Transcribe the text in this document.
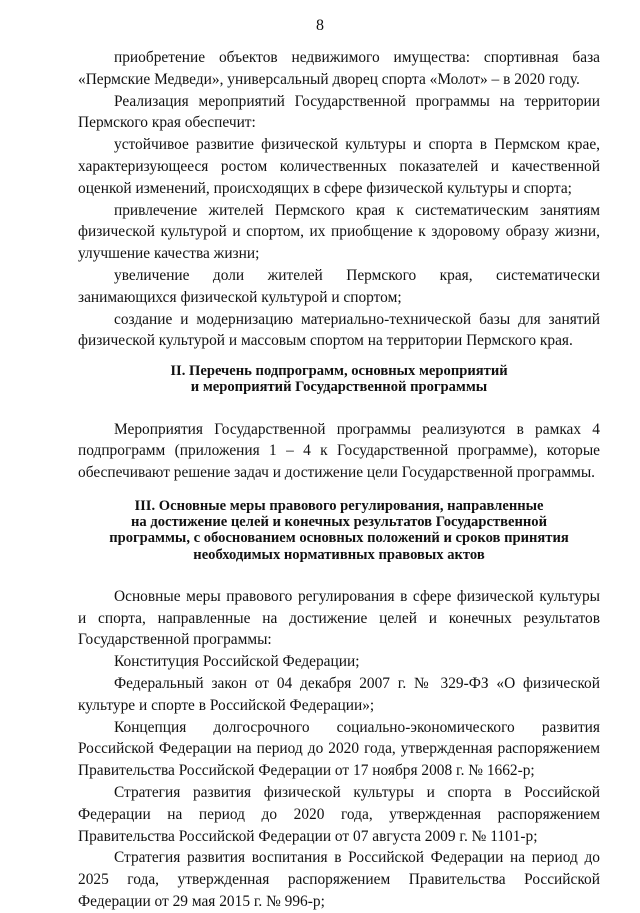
8

приобретение объектов недвижимого имущества: спортивная база «Пермские Медведи», универсальный дворец спорта «Молот» – в 2020 году.

Реализация мероприятий Государственной программы на территории Пермского края обеспечит:

устойчивое развитие физической культуры и спорта в Пермском крае, характеризующееся ростом количественных показателей и качественной оценкой изменений, происходящих в сфере физической культуры и спорта;

привлечение жителей Пермского края к систематическим занятиям физической культурой и спортом, их приобщение к здоровому образу жизни, улучшение качества жизни;

увеличение доли жителей Пермского края, систематически занимающихся физической культурой и спортом;

создание и модернизацию материально-технической базы для занятий физической культурой и массовым спортом на территории Пермского края.

II. Перечень подпрограмм, основных мероприятий
и мероприятий Государственной программы

Мероприятия Государственной программы реализуются в рамках 4 подпрограмм (приложения 1 – 4 к Государственной программе), которые обеспечивают решение задач и достижение цели Государственной программы.

III. Основные меры правового регулирования, направленные
на достижение целей и конечных результатов Государственной
программы, с обоснованием основных положений и сроков принятия
необходимых нормативных правовых актов

Основные меры правового регулирования в сфере физической культуры и спорта, направленные на достижение целей и конечных результатов Государственной программы:

Конституция Российской Федерации;

Федеральный закон от 04 декабря 2007 г. № 329-ФЗ «О физической культуре и спорте в Российской Федерации»;

Концепция долгосрочного социально-экономического развития Российской Федерации на период до 2020 года, утвержденная распоряжением Правительства Российской Федерации от 17 ноября 2008 г. № 1662-р;

Стратегия развития физической культуры и спорта в Российской Федерации на период до 2020 года, утвержденная распоряжением Правительства Российской Федерации от 07 августа 2009 г. № 1101-р;

Стратегия развития воспитания в Российской Федерации на период до 2025 года, утвержденная распоряжением Правительства Российской Федерации от 29 мая 2015 г. № 996-р;
